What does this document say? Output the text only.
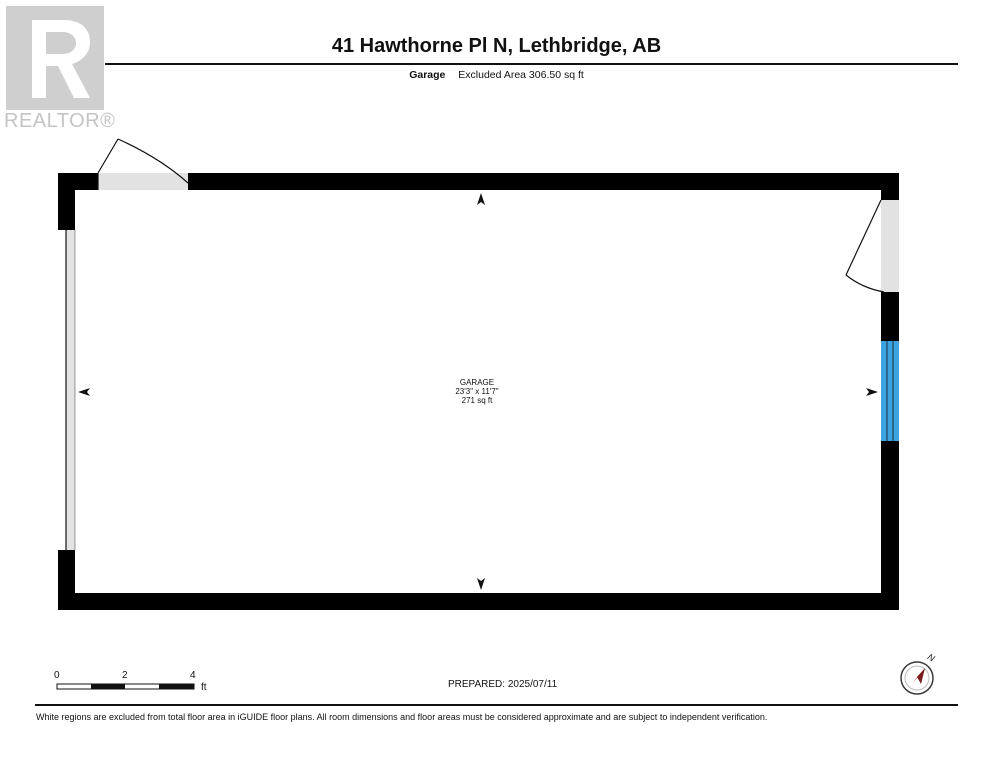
REALTOR®
41 Hawthorne Pl N, Lethbridge, AB
Garage Excluded Area 306.50 sq ft
N
GARAGE
23'3" x 11'7"
271 sq ft
0	2	4
ft	PREPARED: 2025/07/11
White regions are excluded from total floor area in iGUIDE floor plans. All room dimensions and floor areas must be considered approximate and are subject to independent verification.
